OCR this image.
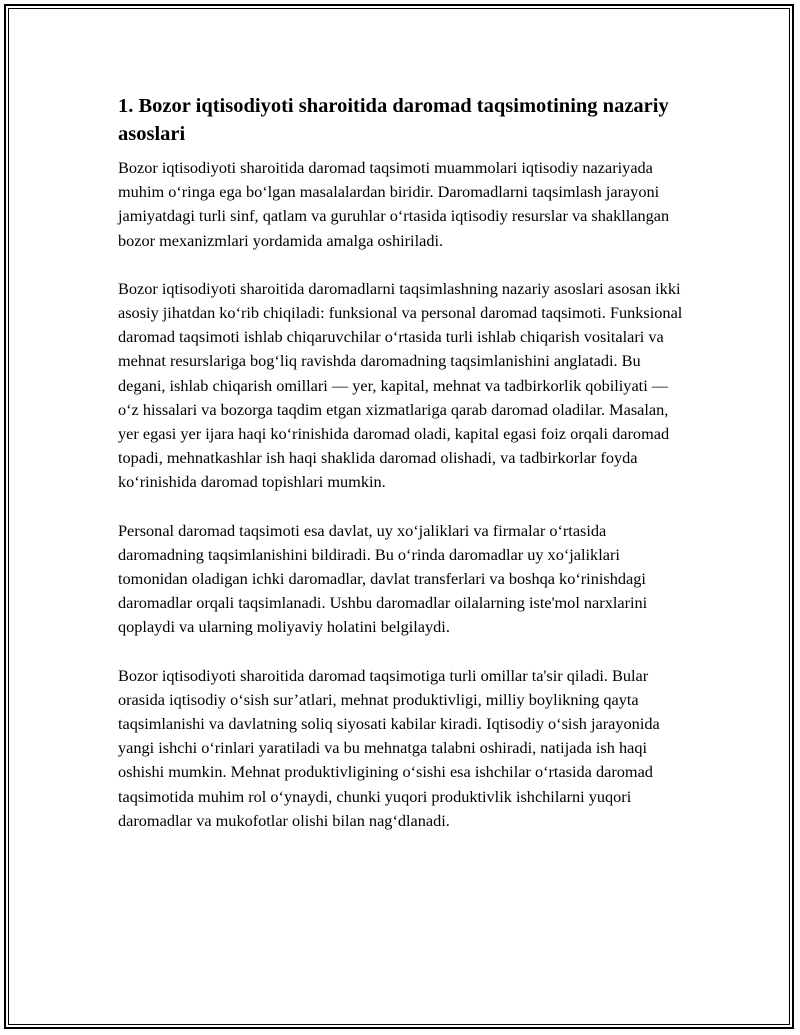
1. Bozor iqtisodiyoti sharoitida daromad taqsimotining nazariy asoslari

Bozor iqtisodiyoti sharoitida daromad taqsimoti muammolari iqtisodiy nazariyada muhim o‘ringa ega bo‘lgan masalalardan biridir. Daromadlarni taqsimlash jarayoni jamiyatdagi turli sinf, qatlam va guruhlar o‘rtasida iqtisodiy resurslar va shakllangan bozor mexanizmlari yordamida amalga oshiriladi.

Bozor iqtisodiyoti sharoitida daromadlarni taqsimlashning nazariy asoslari asosan ikki asosiy jihatdan ko‘rib chiqiladi: funksional va personal daromad taqsimoti. Funksional daromad taqsimoti ishlab chiqaruvchilar o‘rtasida turli ishlab chiqarish vositalari va mehnat resurslariga bog‘liq ravishda daromadning taqsimlanishini anglatadi. Bu degani, ishlab chiqarish omillari — yer, kapital, mehnat va tadbirkorlik qobiliyati — o‘z hissalari va bozorga taqdim etgan xizmatlariga qarab daromad oladilar. Masalan, yer egasi yer ijara haqi ko‘rinishida daromad oladi, kapital egasi foiz orqali daromad topadi, mehnatkashlar ish haqi shaklida daromad olishadi, va tadbirkorlar foyda ko‘rinishida daromad topishlari mumkin.

Personal daromad taqsimoti esa davlat, uy xo‘jaliklari va firmalar o‘rtasida daromadning taqsimlanishini bildiradi. Bu o‘rinda daromadlar uy xo‘jaliklari tomonidan oladigan ichki daromadlar, davlat transferlari va boshqa ko‘rinishdagi daromadlar orqali taqsimlanadi. Ushbu daromadlar oilalarning iste'mol narxlarini qoplaydi va ularning moliyaviy holatini belgilaydi.

Bozor iqtisodiyoti sharoitida daromad taqsimotiga turli omillar ta'sir qiladi. Bular orasida iqtisodiy o‘sish sur’atlari, mehnat produktivligi, milliy boylikning qayta taqsimlanishi va davlatning soliq siyosati kabilar kiradi. Iqtisodiy o‘sish jarayonida yangi ishchi o‘rinlari yaratiladi va bu mehnatga talabni oshiradi, natijada ish haqi oshishi mumkin. Mehnat produktivligining o‘sishi esa ishchilar o‘rtasida daromad taqsimotida muhim rol o‘ynaydi, chunki yuqori produktivlik ishchilarni yuqori daromadlar va mukofotlar olishi bilan nag‘dlanadi.
